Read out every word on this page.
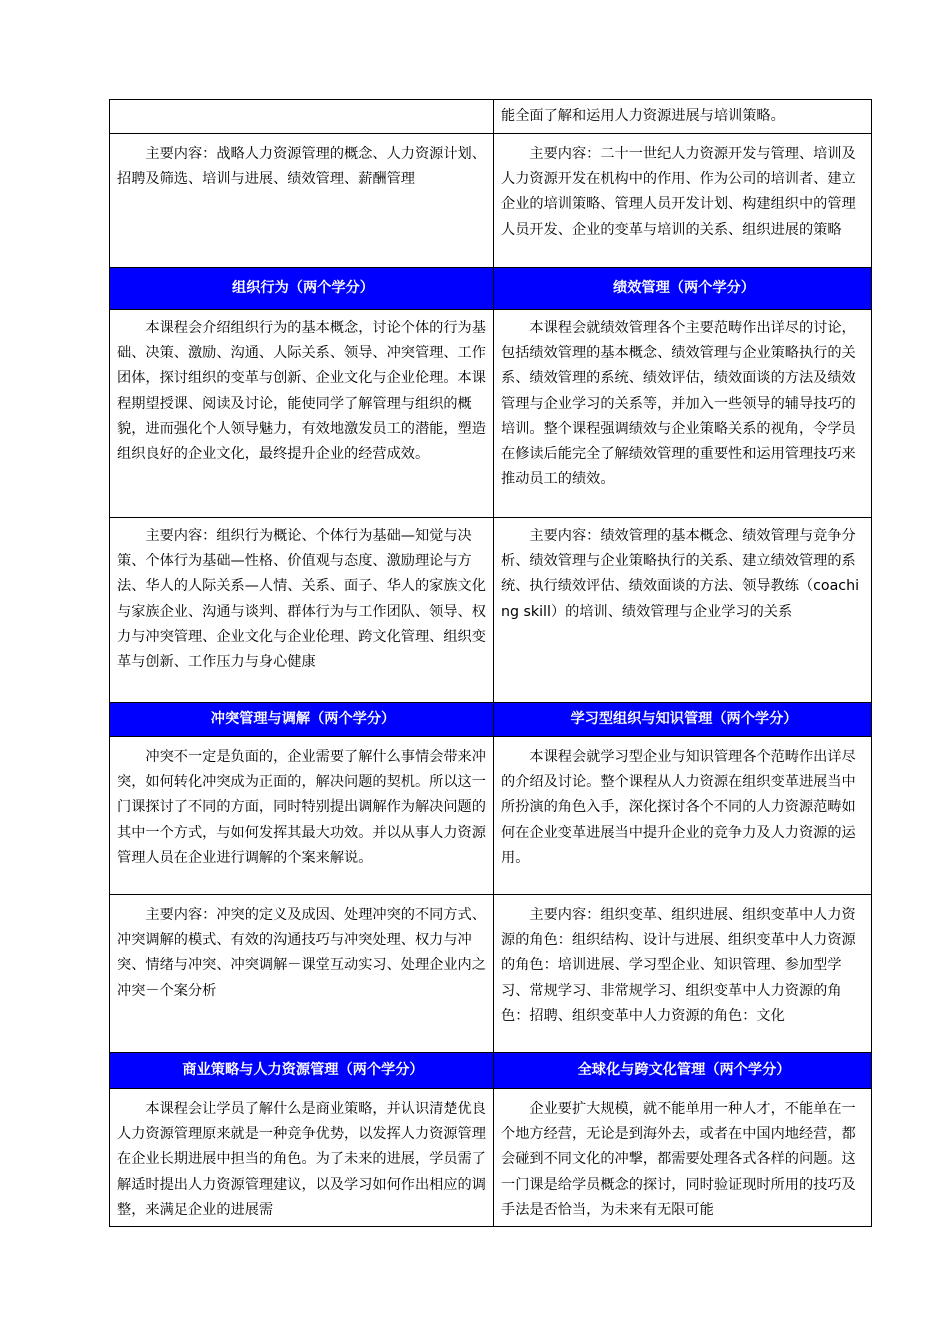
	能全面了解和运用人力资源进展与培训策略。

主要内容：战略人力资源管理的概念、人力资源计划、招聘及筛选、培训与进展、绩效管理、薪酬管理	主要内容：二十一世纪人力资源开发与管理、培训及人力资源开发在机构中的作用、作为公司的培训者、建立企业的培训策略、管理人员开发计划、构建组织中的管理人员开发、企业的变革与培训的关系、组织进展的策略

组织行为（两个学分）	绩效管理（两个学分）

本课程会介绍组织行为的基本概念，讨论个体的行为基础、决策、激励、沟通、人际关系、领导、冲突管理、工作团体，探讨组织的变革与创新、企业文化与企业伦理。本课程期望授课、阅读及讨论，能使同学了解管理与组织的概貌，进而强化个人领导魅力，有效地激发员工的潜能，塑造组织良好的企业文化，最终提升企业的经营成效。	本课程会就绩效管理各个主要范畴作出详尽的讨论，包括绩效管理的基本概念、绩效管理与企业策略执行的关系、绩效管理的系统、绩效评估，绩效面谈的方法及绩效管理与企业学习的关系等，并加入一些领导的辅导技巧的培训。整个课程强调绩效与企业策略关系的视角，令学员在修读后能完全了解绩效管理的重要性和运用管理技巧来推动员工的绩效。

主要内容：组织行为概论、个体行为基础—知觉与决策、个体行为基础—性格、价值观与态度、激励理论与方法、华人的人际关系—人情、关系、面子、华人的家族文化与家族企业、沟通与谈判、群体行为与工作团队、领导、权力与冲突管理、企业文化与企业伦理、跨文化管理、组织变革与创新、工作压力与身心健康	主要内容：绩效管理的基本概念、绩效管理与竞争分析、绩效管理与企业策略执行的关系、建立绩效管理的系统、执行绩效评估、绩效面谈的方法、领导教练（coaching skill）的培训、绩效管理与企业学习的关系

冲突管理与调解（两个学分）	学习型组织与知识管理（两个学分）

冲突不一定是负面的，企业需要了解什么事情会带来冲突，如何转化冲突成为正面的，解决问题的契机。所以这一门课探讨了不同的方面，同时特别提出调解作为解决问题的其中一个方式，与如何发挥其最大功效。并以从事人力资源管理人员在企业进行调解的个案来解说。	本课程会就学习型企业与知识管理各个范畴作出详尽的介绍及讨论。整个课程从人力资源在组织变革进展当中所扮演的角色入手，深化探讨各个不同的人力资源范畴如何在企业变革进展当中提升企业的竞争力及人力资源的运用。

主要内容：冲突的定义及成因、处理冲突的不同方式、冲突调解的模式、有效的沟通技巧与冲突处理、权力与冲突、情绪与冲突、冲突调解－课堂互动实习、处理企业内之冲突－个案分析	主要内容：组织变革、组织进展、组织变革中人力资源的角色：组织结构、设计与进展、组织变革中人力资源的角色：培训进展、学习型企业、知识管理、参加型学习、常规学习、非常规学习、组织变革中人力资源的角色：招聘、组织变革中人力资源的角色：文化

商业策略与人力资源管理（两个学分）	全球化与跨文化管理（两个学分）

本课程会让学员了解什么是商业策略，并认识清楚优良人力资源管理原来就是一种竞争优势，以发挥人力资源管理在企业长期进展中担当的角色。为了未来的进展，学员需了解适时提出人力资源管理建议，以及学习如何作出相应的调整，来满足企业的进展需	企业要扩大规模，就不能单用一种人才，不能单在一个地方经营，无论是到海外去，或者在中国内地经营，都会碰到不同文化的冲撃，都需要处理各式各样的问题。这一门课是给学员概念的探讨，同时验证现时所用的技巧及手法是否恰当，为未来有无限可能
